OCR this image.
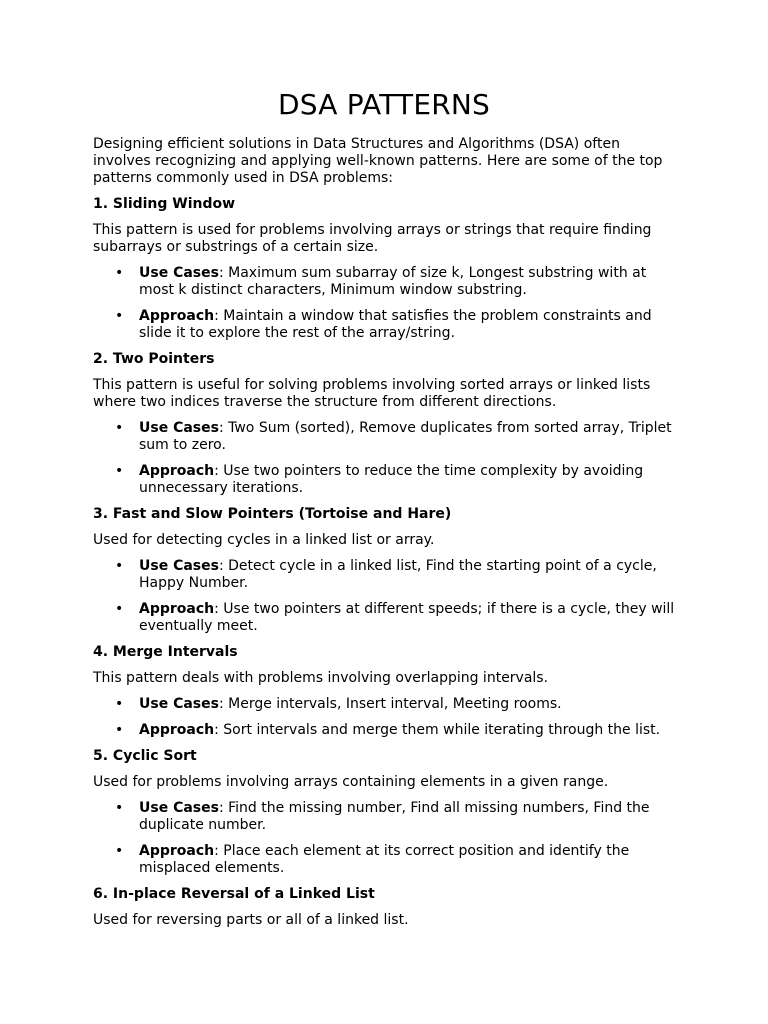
DSA PATTERNS

Designing efficient solutions in Data Structures and Algorithms (DSA) often involves recognizing and applying well-known patterns. Here are some of the top patterns commonly used in DSA problems:

1. Sliding Window

This pattern is used for problems involving arrays or strings that require finding subarrays or substrings of a certain size.

• Use Cases: Maximum sum subarray of size k, Longest substring with at most k distinct characters, Minimum window substring.
• Approach: Maintain a window that satisfies the problem constraints and slide it to explore the rest of the array/string.

2. Two Pointers

This pattern is useful for solving problems involving sorted arrays or linked lists where two indices traverse the structure from different directions.

• Use Cases: Two Sum (sorted), Remove duplicates from sorted array, Triplet sum to zero.
• Approach: Use two pointers to reduce the time complexity by avoiding unnecessary iterations.

3. Fast and Slow Pointers (Tortoise and Hare)

Used for detecting cycles in a linked list or array.

• Use Cases: Detect cycle in a linked list, Find the starting point of a cycle, Happy Number.
• Approach: Use two pointers at different speeds; if there is a cycle, they will eventually meet.

4. Merge Intervals

This pattern deals with problems involving overlapping intervals.

• Use Cases: Merge intervals, Insert interval, Meeting rooms.
• Approach: Sort intervals and merge them while iterating through the list.

5. Cyclic Sort

Used for problems involving arrays containing elements in a given range.

• Use Cases: Find the missing number, Find all missing numbers, Find the duplicate number.
• Approach: Place each element at its correct position and identify the misplaced elements.

6. In-place Reversal of a Linked List

Used for reversing parts or all of a linked list.
